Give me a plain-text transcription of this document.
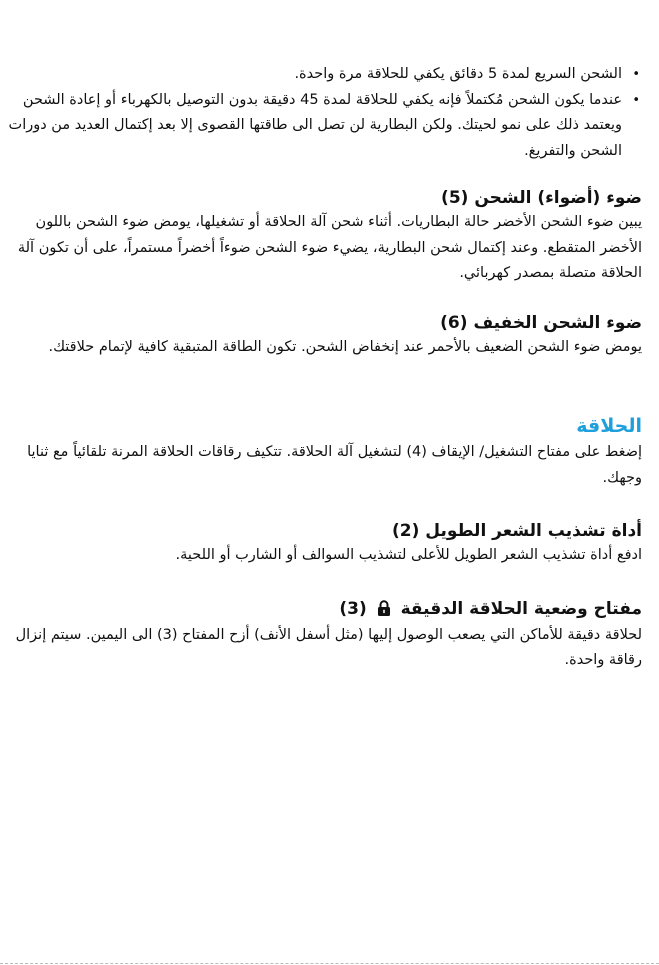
•
الشحن السريع لمدة 5 دقائق يكفي للحلاقة مرة واحدة.
•
عندما يكون الشحن مُكتملاً فإنه يكفي للحلاقة لمدة 45 دقيقة بدون التوصيل بالكهرباء أو إعادة الشحن ويعتمد ذلك على نمو لحيتك. ولكن البطارية لن تصل الى طاقتها القصوى إلا بعد إكتمال العديد من دورات الشحن والتفريغ.
ضوء (أضواء) الشحن (5)

يبين ضوء الشحن الأخضر حالة البطاريات. أثناء شحن آلة الحلاقة أو تشغيلها، يومض ضوء الشحن باللون الأخضر المتقطع. وعند إكتمال شحن البطارية، يضيء ضوء الشحن ضوءاً أخضراً مستمراً، على أن تكون آلة الحلاقة متصلة بمصدر كهربائي.

ضوء الشحن الخفيف (6)

يومض ضوء الشحن الضعيف بالأحمر عند إنخفاض الشحن. تكون الطاقة المتبقية كافية لإتمام حلاقتك.

الحلاقة

إضغط على مفتاح التشغيل/ الإيقاف (4) لتشغيل آلة الحلاقة. تتكيف رقاقات الحلاقة المرنة تلقائياً مع ثنايا وجهك.

أداة تشذيب الشعر الطويل (2)

ادفع أداة تشذيب الشعر الطويل للأعلى لتشذيب السوالف أو الشارب أو اللحية.

مفتاح وضعية الحلاقة الدقيقة  (3)

لحلاقة دقيقة للأماكن التي يصعب الوصول إليها (مثل أسفل الأنف) أزح المفتاح (3) الى اليمين. سيتم إنزال رقاقة واحدة.
